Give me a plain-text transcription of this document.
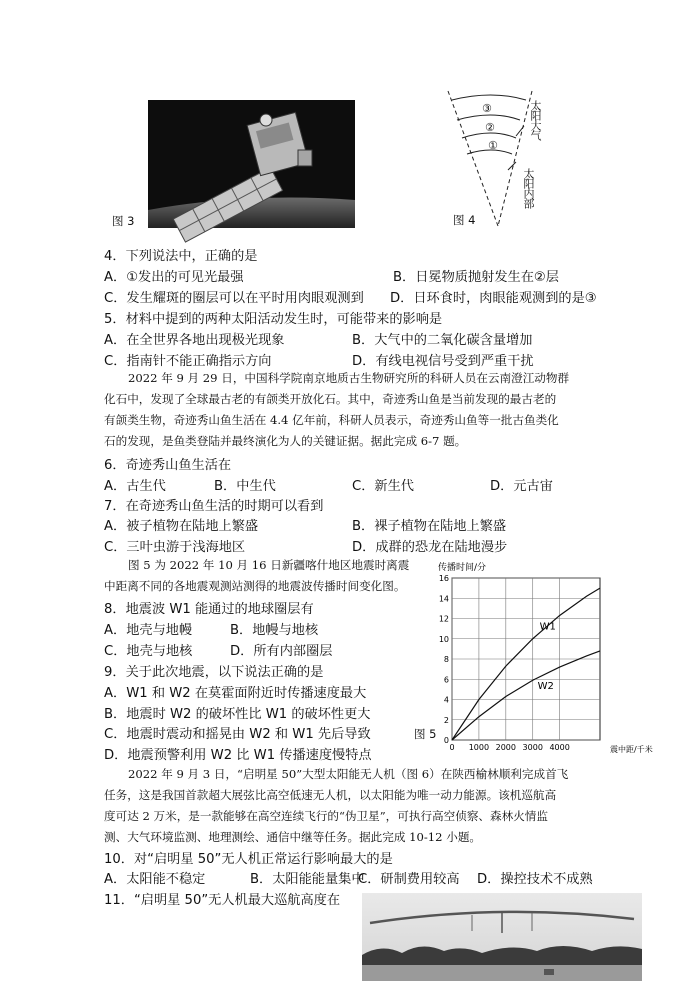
图 3
③
②
①
太阳大气
太阳内部
图 4
4．下列说法中，正确的是
A．①发出的可见光最强	B．日冕物质抛射发生在②层
C．发生耀斑的圈层可以在平时用肉眼观测到 D．日环食时，肉眼能观测到的是③
5．材料中提到的两种太阳活动发生时，可能带来的影响是
A．在全世界各地出现极光现象	B．大气中的二氧化碳含量增加
C．指南针不能正确指示方向	D．有线电视信号受到严重干扰
2022 年 9 月 29 日，中国科学院南京地质古生物研究所的科研人员在云南澄江动物群
化石中，发现了全球最古老的有颌类开放化石。其中，奇迹秀山鱼是当前发现的最古老的
有颌类生物，奇迹秀山鱼生活在 4.4 亿年前，科研人员表示，奇迹秀山鱼等一批古鱼类化
石的发现，是鱼类登陆并最终演化为人的关键证据。据此完成 6-7 题。
6．奇迹秀山鱼生活在
A．古生代	B．中生代	C．新生代	D．元古宙
7．在奇迹秀山鱼生活的时期可以看到
A．被子植物在陆地上繁盛	B．裸子植物在陆地上繁盛
C．三叶虫游于浅海地区	D．成群的恐龙在陆地漫步
图 5 为 2022 年 10 月 16 日新疆喀什地区地震时离震
中距离不同的各地震观测站测得的地震波传播时间变化图。
8．地震波 W1 能通过的地球圈层有
A．地壳与地幔	B．地幔与地核
C．地壳与地核	D．所有内部圈层
9．关于此次地震，以下说法正确的是
A．W1 和 W2 在莫霍面附近时传播速度最大
B．地震时 W2 的破坏性比 W1 的破坏性更大
C．地震时震动和摇晃由 W2 和 W1 先后导致
D．地震预警利用 W2 比 W1 传播速度慢特点
图 5 0
2
4
6
8
10
12
14
16
0 1000 2000 3000 4000
W1
W2
传播时间/分
震中距/千米
2022 年 9 月 3 日，“启明星 50”大型太阳能无人机（图 6）在陕西榆林顺利完成首飞
任务，这是我国首款超大展弦比高空低速无人机，以太阳能为唯一动力能源。该机巡航高
度可达 2 万米，是一款能够在高空连续飞行的“伪卫星”，可执行高空侦察、森林火情监
测、大气环境监测、地理测绘、通信中继等任务。据此完成 10-12 小题。
10．对“启明星 50”无人机正常运行影响最大的是
A．太阳能不稳定	B．太阳能能量集中
C．研制费用较高 D．操控技术不成熟
11．“启明星 50”无人机最大巡航高度在
